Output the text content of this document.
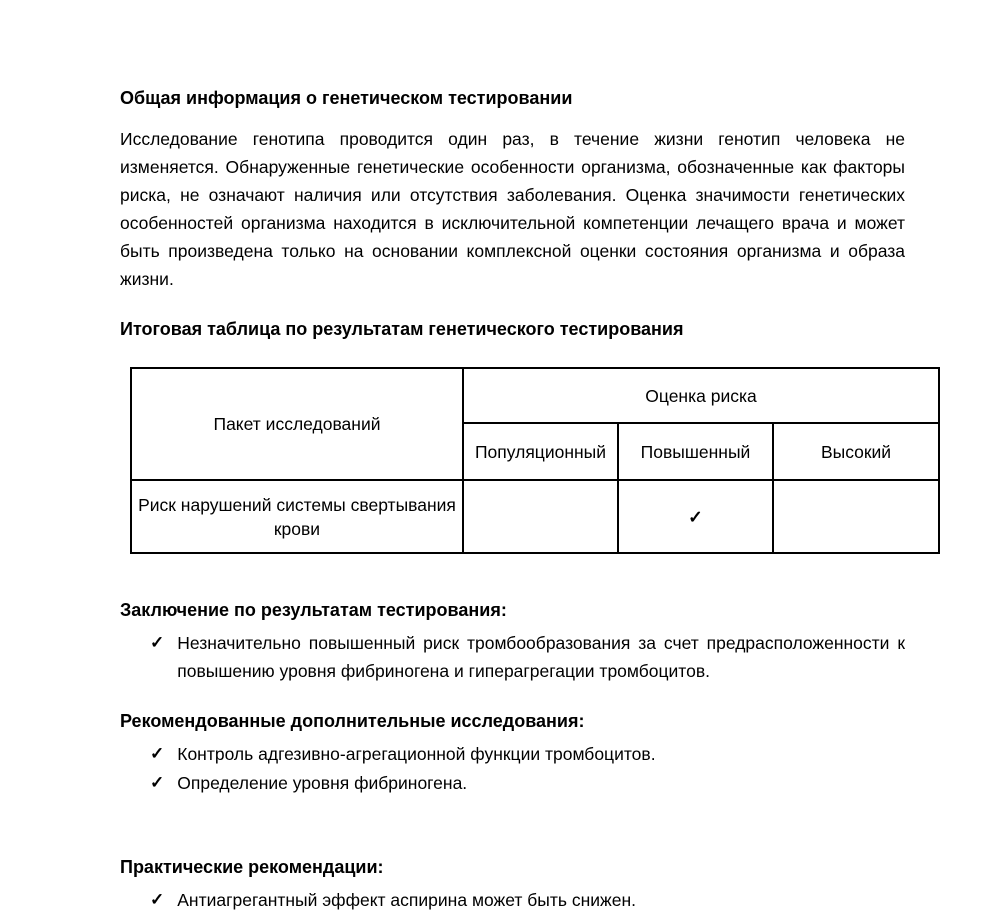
Общая информация о генетическом тестировании
Исследование генотипа проводится один раз, в течение жизни генотип человека не изменяется. Обнаруженные генетические особенности организма, обозначенные как факторы риска, не означают наличия или отсутствия заболевания. Оценка значимости генетических особенностей организма находится в исключительной компетенции лечащего врача и может быть произведена только на основании комплексной оценки состояния организма и образа жизни.
Итоговая таблица по результатам генетического тестирования
Пакет исследований	Оценка риска		
	Популяционный	Повышенный	Высокий
Риск нарушений системы свертывания крови		✓	
Заключение по результатам тестирования:
✓ Незначительно повышенный риск тромбообразования за счет предрасположенности к повышению уровня фибриногена и гиперагрегации тромбоцитов.
Рекомендованные дополнительные исследования:
✓ Контроль адгезивно-агрегационной функции тромбоцитов.
✓ Определение уровня фибриногена.
Практические рекомендации:
✓ Антиагрегантный эффект аспирина может быть снижен.
